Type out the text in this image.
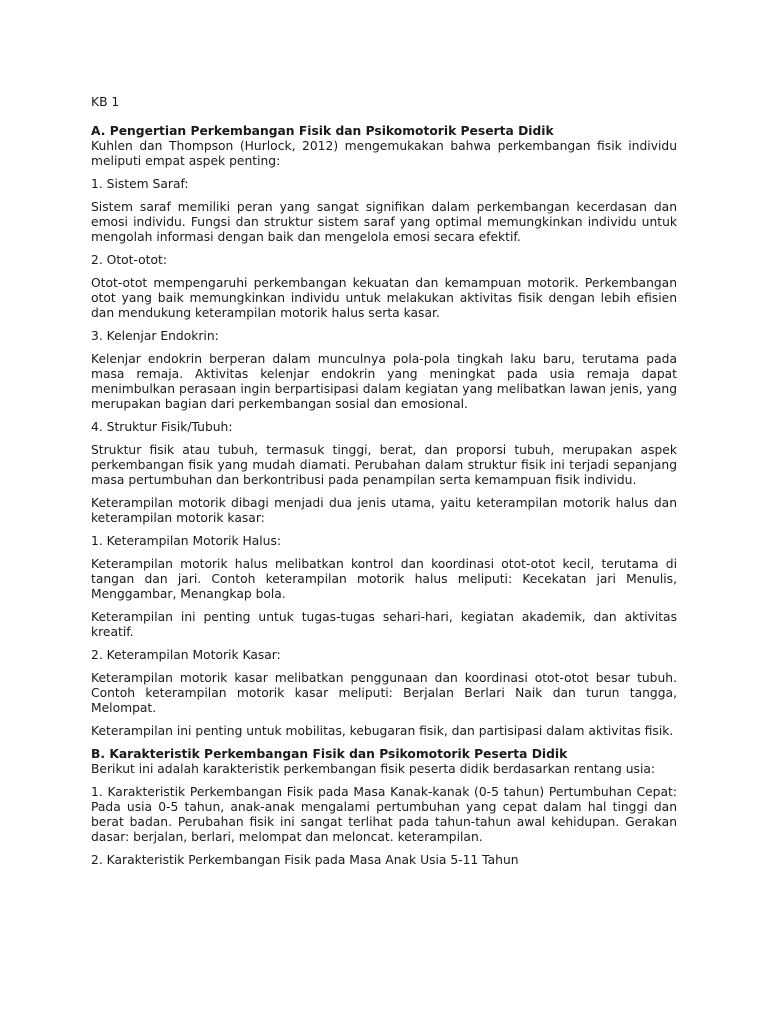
KB 1
A. Pengertian Perkembangan Fisik dan Psikomotorik Peserta Didik

Kuhlen dan Thompson (Hurlock, 2012) mengemukakan bahwa perkembangan fisik individu meliputi empat aspek penting:

1. Sistem Saraf:

Sistem saraf memiliki peran yang sangat signifikan dalam perkembangan kecerdasan dan emosi individu. Fungsi dan struktur sistem saraf yang optimal memungkinkan individu untuk mengolah informasi dengan baik dan mengelola emosi secara efektif.

2. Otot-otot:

Otot-otot mempengaruhi perkembangan kekuatan dan kemampuan motorik. Perkembangan otot yang baik memungkinkan individu untuk melakukan aktivitas fisik dengan lebih efisien dan mendukung keterampilan motorik halus serta kasar.

3. Kelenjar Endokrin:

Kelenjar endokrin berperan dalam munculnya pola-pola tingkah laku baru, terutama pada masa remaja. Aktivitas kelenjar endokrin yang meningkat pada usia remaja dapat menimbulkan perasaan ingin berpartisipasi dalam kegiatan yang melibatkan lawan jenis, yang merupakan bagian dari perkembangan sosial dan emosional.

4. Struktur Fisik/Tubuh:

Struktur fisik atau tubuh, termasuk tinggi, berat, dan proporsi tubuh, merupakan aspek perkembangan fisik yang mudah diamati. Perubahan dalam struktur fisik ini terjadi sepanjang masa pertumbuhan dan berkontribusi pada penampilan serta kemampuan fisik individu.

Keterampilan motorik dibagi menjadi dua jenis utama, yaitu keterampilan motorik halus dan keterampilan motorik kasar:

1. Keterampilan Motorik Halus:

Keterampilan motorik halus melibatkan kontrol dan koordinasi otot-otot kecil, terutama di tangan dan jari. Contoh keterampilan motorik halus meliputi: Kecekatan jari Menulis, Menggambar, Menangkap bola.

Keterampilan ini penting untuk tugas-tugas sehari-hari, kegiatan akademik, dan aktivitas kreatif.

2. Keterampilan Motorik Kasar:

Keterampilan motorik kasar melibatkan penggunaan dan koordinasi otot-otot besar tubuh. Contoh keterampilan motorik kasar meliputi: Berjalan Berlari Naik dan turun tangga, Melompat.

Keterampilan ini penting untuk mobilitas, kebugaran fisik, dan partisipasi dalam aktivitas fisik.

B. Karakteristik Perkembangan Fisik dan Psikomotorik Peserta Didik

Berikut ini adalah karakteristik perkembangan fisik peserta didik berdasarkan rentang usia:

1. Karakteristik Perkembangan Fisik pada Masa Kanak-kanak (0-5 tahun) Pertumbuhan Cepat: Pada usia 0-5 tahun, anak-anak mengalami pertumbuhan yang cepat dalam hal tinggi dan berat badan. Perubahan fisik ini sangat terlihat pada tahun-tahun awal kehidupan. Gerakan dasar: berjalan, berlari, melompat dan meloncat. keterampilan.

2. Karakteristik Perkembangan Fisik pada Masa Anak Usia 5-11 Tahun
